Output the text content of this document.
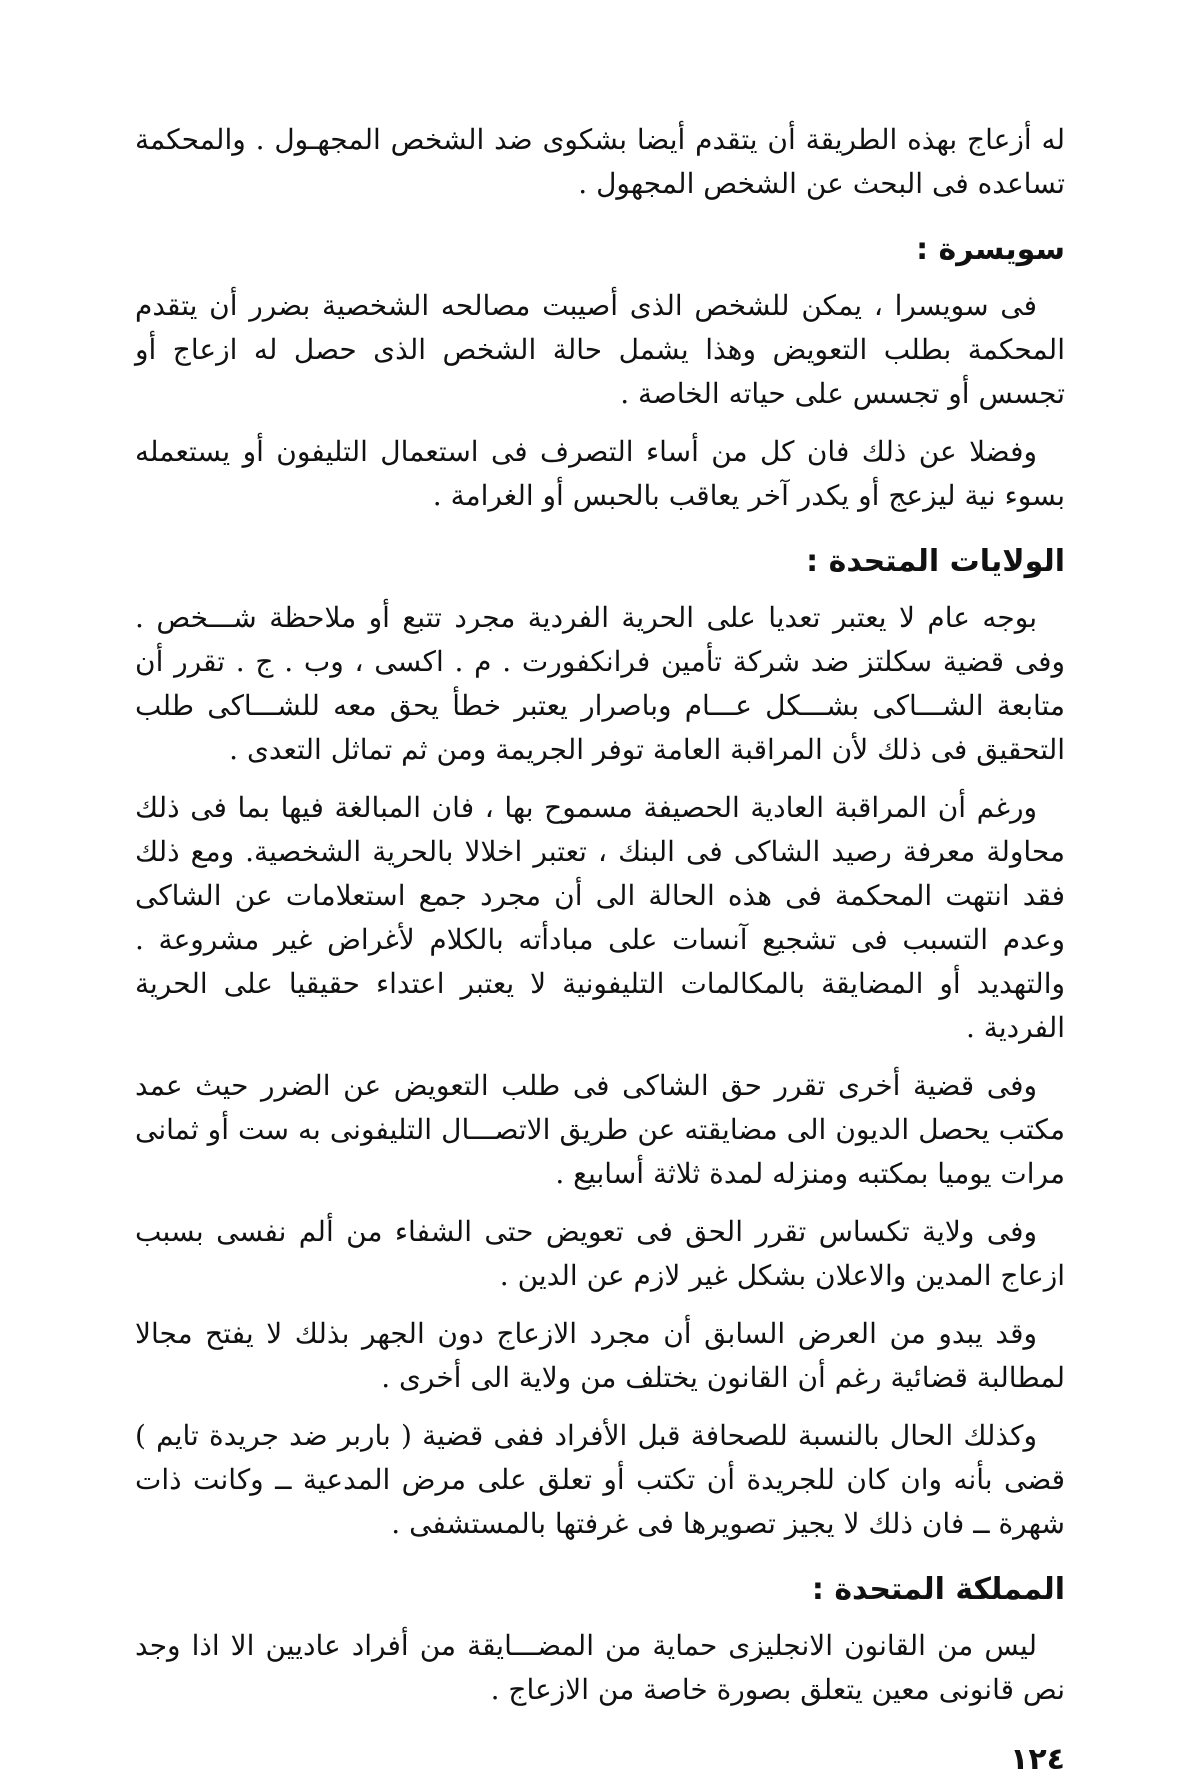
له أزعاج بهذه الطريقة أن يتقدم أيضا بشكوى ضد الشخص المجهـول . والمحكمة تساعده فى البحث عن الشخص المجهول .

سويسرة :

فى سويسرا ، يمكن للشخص الذى أصيبت مصالحه الشخصية بضرر أن يتقدم المحكمة بطلب التعويض وهذا يشمل حالة الشخص الذى حصل له ازعاج أو تجسس أو تجسس على حياته الخاصة .

وفضلا عن ذلك فان كل من أساء التصرف فى استعمال التليفون أو يستعمله بسوء نية ليزعج أو يكدر آخر يعاقب بالحبس أو الغرامة .

الولايات المتحدة :

بوجه عام لا يعتبر تعديا على الحرية الفردية مجرد تتبع أو ملاحظة شـــخص . وفى قضية سكلتز ضد شركة تأمين فرانكفورت . م . اكسى ، وب . ج . تقرر أن متابعة الشـــاكى بشـــكل عـــام وباصرار يعتبر خطأ يحق معه للشـــاكى طلب التحقيق فى ذلك لأن المراقبة العامة توفر الجريمة ومن ثم تماثل التعدى .

ورغم أن المراقبة العادية الحصيفة مسموح بها ، فان المبالغة فيها بما فى ذلك محاولة معرفة رصيد الشاكى فى البنك ، تعتبر اخلالا بالحرية الشخصية. ومع ذلك فقد انتهت المحكمة فى هذه الحالة الى أن مجرد جمع استعلامات عن الشاكى وعدم التسبب فى تشجيع آنسات على مبادأته بالكلام لأغراض غير مشروعة . والتهديد أو المضايقة بالمكالمات التليفونية لا يعتبر اعتداء حقيقيا على الحرية الفردية .

وفى قضية أخرى تقرر حق الشاكى فى طلب التعويض عن الضرر حيث عمد مكتب يحصل الديون الى مضايقته عن طريق الاتصـــال التليفونى به ست أو ثمانى مرات يوميا بمكتبه ومنزله لمدة ثلاثة أسابيع .

وفى ولاية تكساس تقرر الحق فى تعويض حتى الشفاء من ألم نفسى بسبب ازعاج المدين والاعلان بشكل غير لازم عن الدين .

وقد يبدو من العرض السابق أن مجرد الازعاج دون الجهر بذلك لا يفتح مجالا لمطالبة قضائية رغم أن القانون يختلف من ولاية الى أخرى .

وكذلك الحال بالنسبة للصحافة قبل الأفراد ففى قضية ( باربر ضد جريدة تايم ) قضى بأنه وان كان للجريدة أن تكتب أو تعلق على مرض المدعية ــ وكانت ذات شهرة ــ فان ذلك لا يجيز تصويرها فى غرفتها بالمستشفى .

المملكة المتحدة :

ليس من القانون الانجليزى حماية من المضـــايقة من أفراد عاديين الا اذا وجد نص قانونى معين يتعلق بصورة خاصة من الازعاج .

١٢٤
